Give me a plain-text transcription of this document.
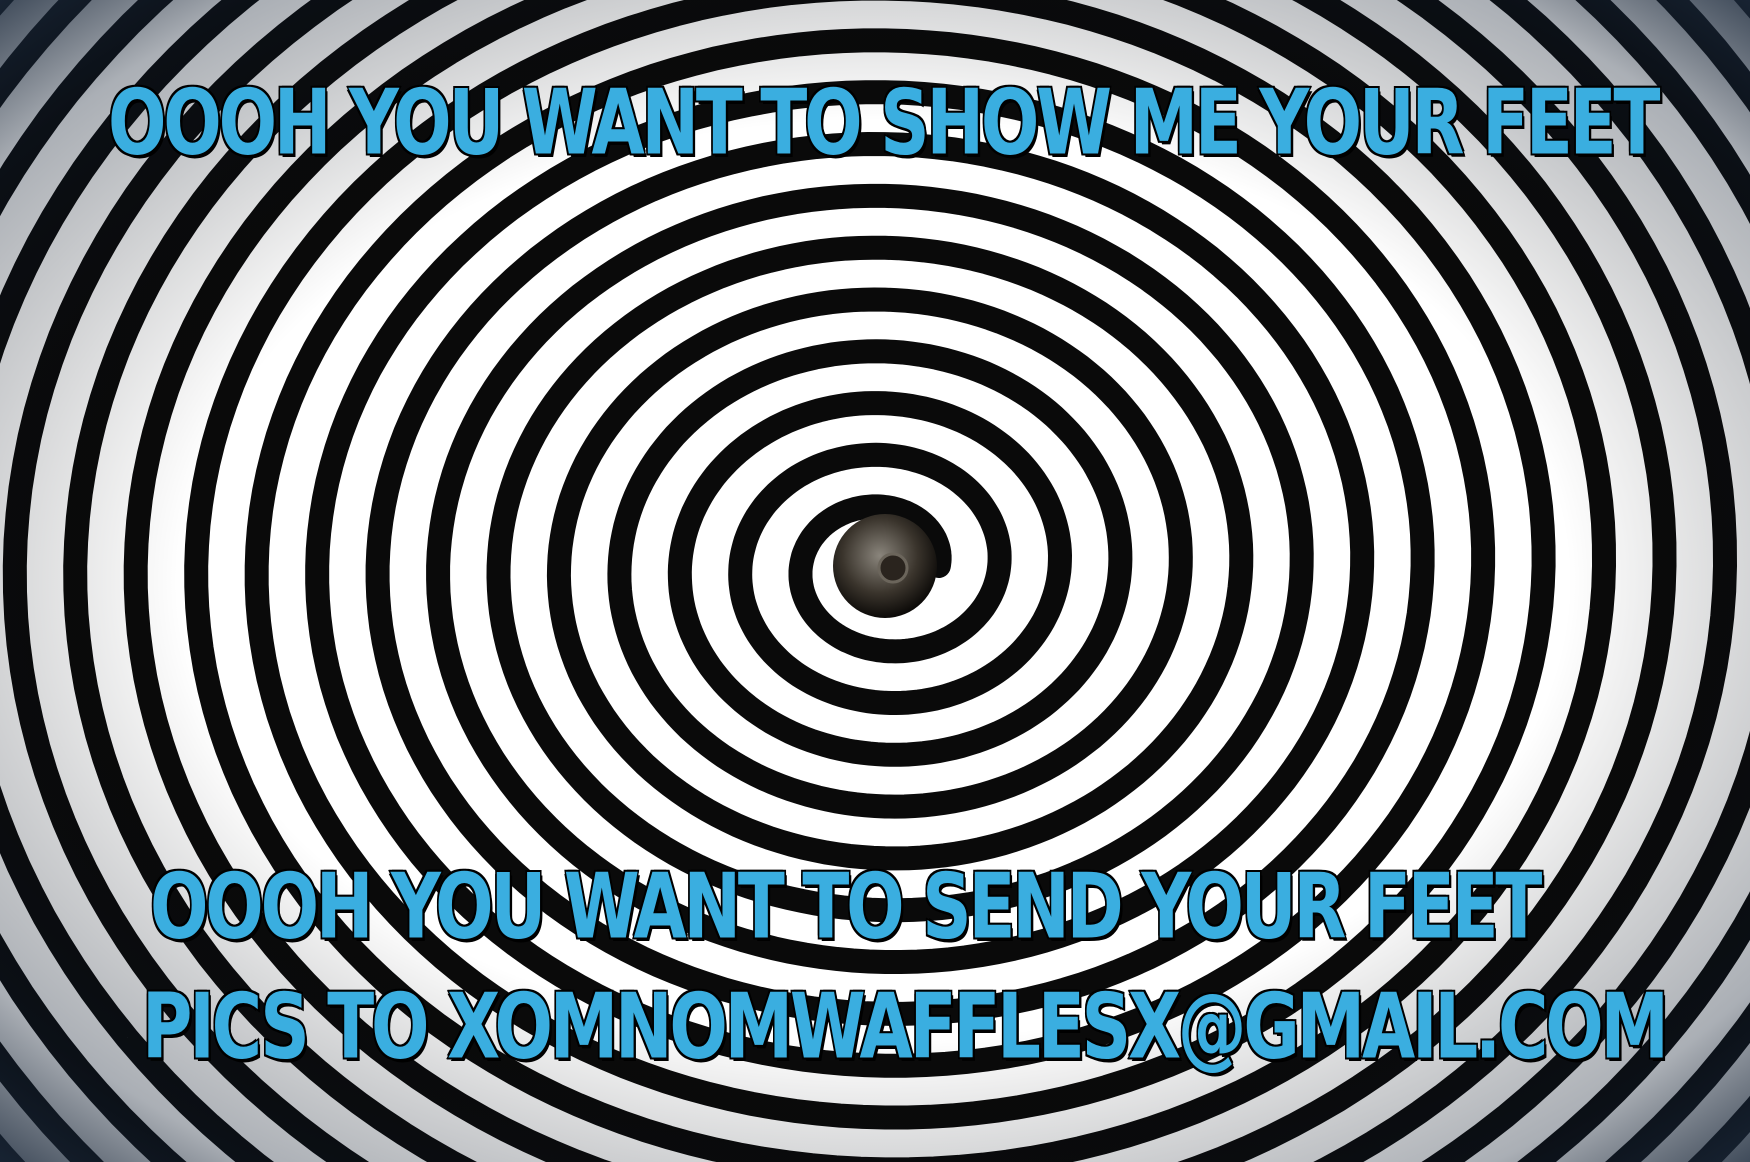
OOOH YOU WANT TO SHOW ME YOUR FEET
OOOH YOU WANT TO SEND YOUR FEET
PICS TO XOMNOMWAFFLESX@GMAIL.COM
